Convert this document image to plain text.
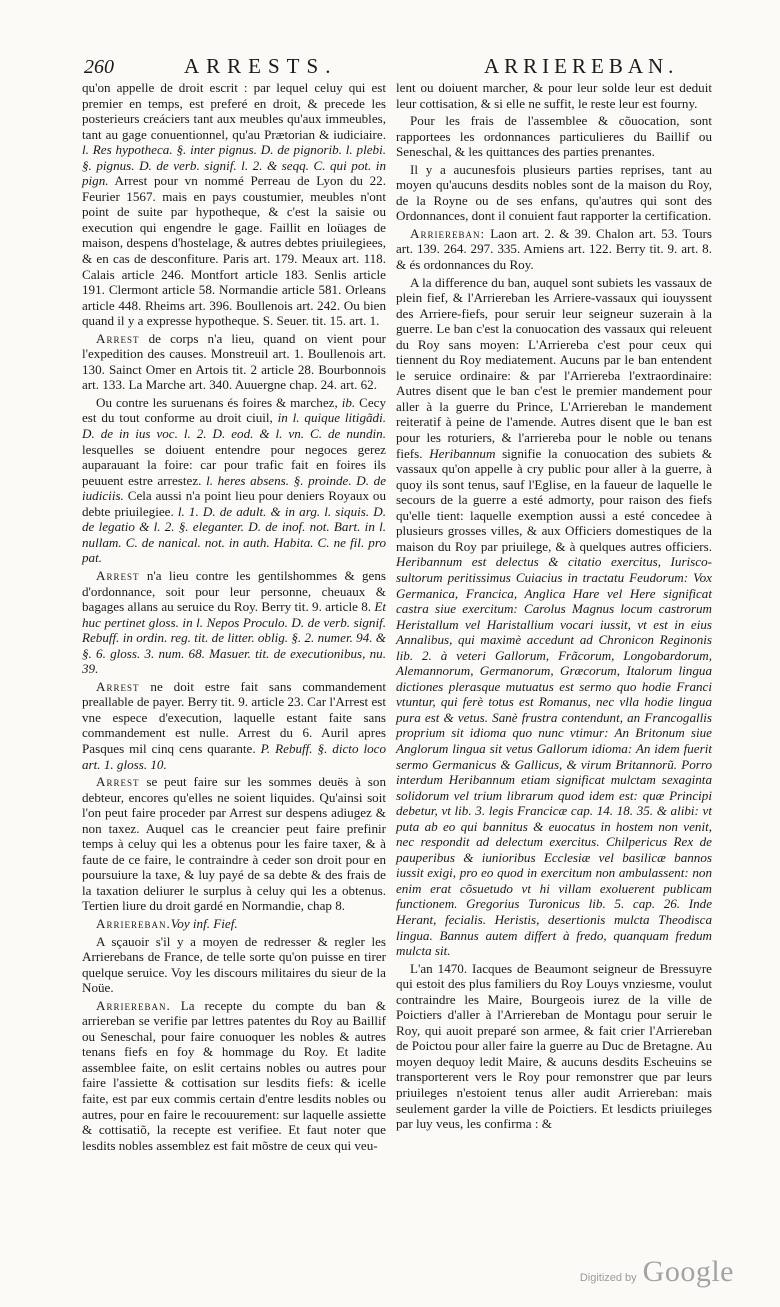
260	ARRESTS.	ARRIEREBAN.

qu'on appelle de droit escrit : par lequel celuy qui est premier en temps, est preferé en droit, & precede les posterieurs creáciers tant aux meubles qu'aux immeubles, tant au gage conuentionnel, qu'au Prætorian & iudiciaire. l. Res hypotheca. §. inter pignus. D. de pignorib. l. plebi. §. pignus. D. de verb. signif. l. 2. & seqq. C. qui pot. in pign. Arrest pour vn nommé Perreau de Lyon du 22. Feurier 1567. mais en pays coustumier, meubles n'ont point de suite par hypotheque, & c'est la saisie ou execution qui engendre le gage. Faillit en loüages de maison, despens d'hostelage, & autres debtes priuilegiees, & en cas de desconfiture. Paris art. 179. Meaux art. 118. Calais article 246. Montfort article 183. Senlis article 191. Clermont article 58. Normandie article 581. Orleans article 448. Rheims art. 396. Boullenois art. 242. Ou bien quand il y a expresse hypotheque. S. Seuer. tit. 15. art. 1.

Arrest de corps n'a lieu, quand on vient pour l'expedition des causes. Monstreuil art. 1. Boullenois art. 130. Sainct Omer en Artois tit. 2 article 28. Bourbonnois art. 133. La Marche art. 340. Auuergne chap. 24. art. 62.

Ou contre les suruenans és foires & marchez, ib. Cecy est du tout conforme au droit ciuil, in l. quique litigãdi. D. de in ius voc. l. 2. D. eod. & l. vn. C. de nundin. lesquelles se doiuent entendre pour negoces gerez auparauant la foire: car pour trafic fait en foires ils peuuent estre arrestez. l. heres absens. §. proinde. D. de iudiciis. Cela aussi n'a point lieu pour deniers Royaux ou debte priuilegiee. l. 1. D. de adult. & in arg. l. siquis. D. de legatio & l. 2. §. eleganter. D. de inof. not. Bart. in l. nullam. C. de nanical. not. in auth. Habita. C. ne fil. pro pat.

Arrest n'a lieu contre les gentilshommes & gens d'ordonnance, soit pour leur personne, cheuaux & bagages allans au seruice du Roy. Berry tit. 9. article 8. Et huc pertinet gloss. in l. Nepos Proculo. D. de verb. signif. Rebuff. in ordin. reg. tit. de litter. oblig. §. 2. numer. 94. & §. 6. gloss. 3. num. 68. Masuer. tit. de executionibus, nu. 39.

Arrest ne doit estre fait sans commandement preallable de payer. Berry tit. 9. article 23. Car l'Arrest est vne espece d'execution, laquelle estant faite sans commandement est nulle. Arrest du 6. Auril apres Pasques mil cinq cens quarante. P. Rebuff. §. dicto loco art. 1. gloss. 10.

Arrest se peut faire sur les sommes deuës à son debteur, encores qu'elles ne soient liquides. Qu'ainsi soit l'on peut faire proceder par Arrest sur despens adiugez & non taxez. Auquel cas le creancier peut faire prefinir temps à celuy qui les a obtenus pour les faire taxer, & à faute de ce faire, le contraindre à ceder son droit pour en poursuiure la taxe, & luy payé de sa debte & des frais de la taxation deliurer le surplus à celuy qui les a obtenus. Tertien liure du droit gardé en Normandie, chap 8.

Arriereban.Voy inf. Fief.

A sçauoir s'il y a moyen de redresser & regler les Arrierebans de France, de telle sorte qu'on puisse en tirer quelque seruice. Voy les discours militaires du sieur de la Noüe.

Arriereban. La recepte du compte du ban & arriereban se verifie par lettres patentes du Roy au Baillif ou Seneschal, pour faire conuoquer les nobles & autres tenans fiefs en foy & hommage du Roy. Et ladite assemblee faite, on eslit certains nobles ou autres pour faire l'assiette & cottisation sur lesdits fiefs: & icelle faite, est par eux commis certain d'entre lesdits nobles ou autres, pour en faire le recouurement: sur laquelle assiette & cottisatiõ, la recepte est verifiee. Et faut noter que lesdits nobles assemblez est fait mõstre de ceux qui veu-

lent ou doiuent marcher, & pour leur solde leur est deduit leur cottisation, & si elle ne suffit, le reste leur est fourny.

Pour les frais de l'assemblee & cõuocation, sont rapportees les ordonnances particulieres du Baillif ou Seneschal, & les quittances des parties prenantes.

Il y a aucunesfois plusieurs parties reprises, tant au moyen qu'aucuns desdits nobles sont de la maison du Roy, de la Royne ou de ses enfans, qu'autres qui sont des Ordonnances, dont il conuient faut rapporter la certification.

Arriereban: Laon art. 2. & 39. Chalon art. 53. Tours art. 139. 264. 297. 335. Amiens art. 122. Berry tit. 9. art. 8. & és ordonnances du Roy.

A la difference du ban, auquel sont subiets les vassaux de plein fief, & l'Arriereban les Arriere-vassaux qui iouyssent des Arriere-fiefs, pour seruir leur seigneur suzerain à la guerre. Le ban c'est la conuocation des vassaux qui releuent du Roy sans moyen: L'Arriereba c'est pour ceux qui tiennent du Roy mediatement. Aucuns par le ban entendent le seruice ordinaire: & par l'Arriereba l'extraordinaire: Autres disent que le ban c'est le premier mandement pour aller à la guerre du Prince, L'Arriereban le mandement reiteratif à peine de l'amende. Autres disent que le ban est pour les roturiers, & l'arriereba pour le noble ou tenans fiefs. Heribannum signifie la conuocation des subiets & vassaux qu'on appelle à cry public pour aller à la guerre, à quoy ils sont tenus, sauf l'Eglise, en la faueur de laquelle le secours de la guerre a esté admorty, pour raison des fiefs qu'elle tient: laquelle exemption aussi a esté concedee à plusieurs grosses villes, & aux Officiers domestiques de la maison du Roy par priuilege, & à quelques autres officiers. Heribannum est delectus & citatio exercitus, Iurisco-sultorum peritissimus Cuiacius in tractatu Feudorum: Vox Germanica, Francica, Anglica Hare vel Here significat castra siue exercitum: Carolus Magnus locum castrorum Heristallum vel Haristallium vocari iussit, vt est in eius Annalibus, qui maximè accedunt ad Chronicon Reginonis lib. 2. à veteri Gallorum, Frãcorum, Longobardorum, Alemannorum, Germanorum, Græcorum, Italorum lingua dictiones plerasque mutuatus est sermo quo hodie Franci vtuntur, qui ferè totus est Romanus, nec vlla hodie lingua pura est & vetus. Sanè frustra contendunt, an Francogallis proprium sit idioma quo nunc vtimur: An Britonum siue Anglorum lingua sit vetus Gallorum idioma: An idem fuerit sermo Germanicus & Gallicus, & virum Britannorũ. Porro interdum Heribannum etiam significat mulctam sexaginta solidorum vel trium librarum quod idem est: quæ Principi debetur, vt lib. 3. legis Francicæ cap. 14. 18. 35. & alibi: vt puta ab eo qui bannitus & euocatus in hostem non venit, nec respondit ad delectum exercitus. Chilpericus Rex de pauperibus & iunioribus Ecclesiæ vel basilicæ bannos iussit exigi, pro eo quod in exercitum non ambulassent: non enim erat cõsuetudo vt hi villam exoluerent publicam functionem. Gregorius Turonicus lib. 5. cap. 26. Inde Herant, fecialis. Heristis, desertionis mulcta Theodisca lingua. Bannus autem differt à fredo, quanquam fredum mulcta sit.

L'an 1470. Iacques de Beaumont seigneur de Bressuyre qui estoit des plus familiers du Roy Louys vnziesme, voulut contraindre les Maire, Bourgeois iurez de la ville de Poictiers d'aller à l'Arriereban de Montagu pour seruir le Roy, qui auoit preparé son armee, & fait crier l'Arriereban de Poictou pour aller faire la guerre au Duc de Bretagne. Au moyen dequoy ledit Maire, & aucuns desdits Escheuins se transporterent vers le Roy pour remonstrer que par leurs priuileges n'estoient tenus aller audit Arriereban: mais seulement garder la ville de Poictiers. Et lesdicts priuileges par luy veus, les confirma : &

Digitized by Google
